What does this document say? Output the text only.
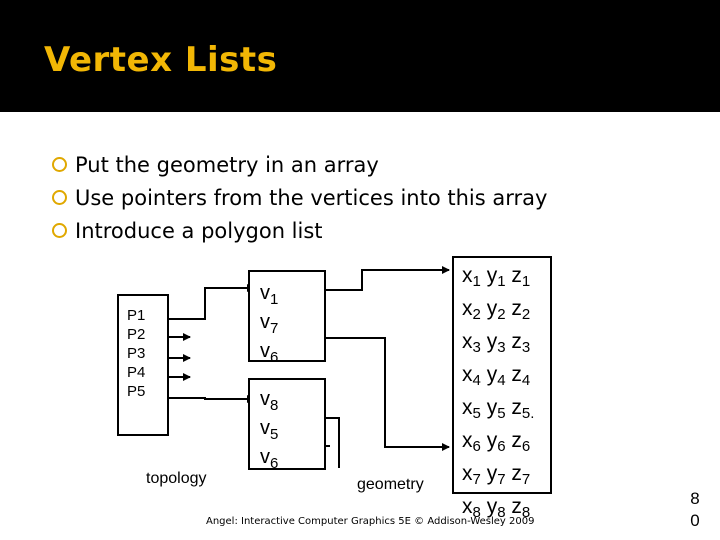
Vertex Lists
Put the geometry in an array
Use pointers from the vertices into this array
Introduce a polygon list
P1
P2
P3
P4
P5
$v_1$
$v_7$
$v_6$
$v_8$
$v_5$
$v_6$
$x_1$ $y_1$ $z_1$
$x_2$ $y_2$ $z_2$
$x_3$ $y_3$ $z_3$
$x_4$ $y_4$ $z_4$
$x_5$ $y_5$ $z_{5.}$
$x_6$ $y_6$ $z_6$
$x_7$ $y_7$ $z_7$
$x_8$ $y_8$ $z_8$
topology	geometry
Angel: Interactive Computer Graphics 5E © Addison-Wesley 2009
8
0
